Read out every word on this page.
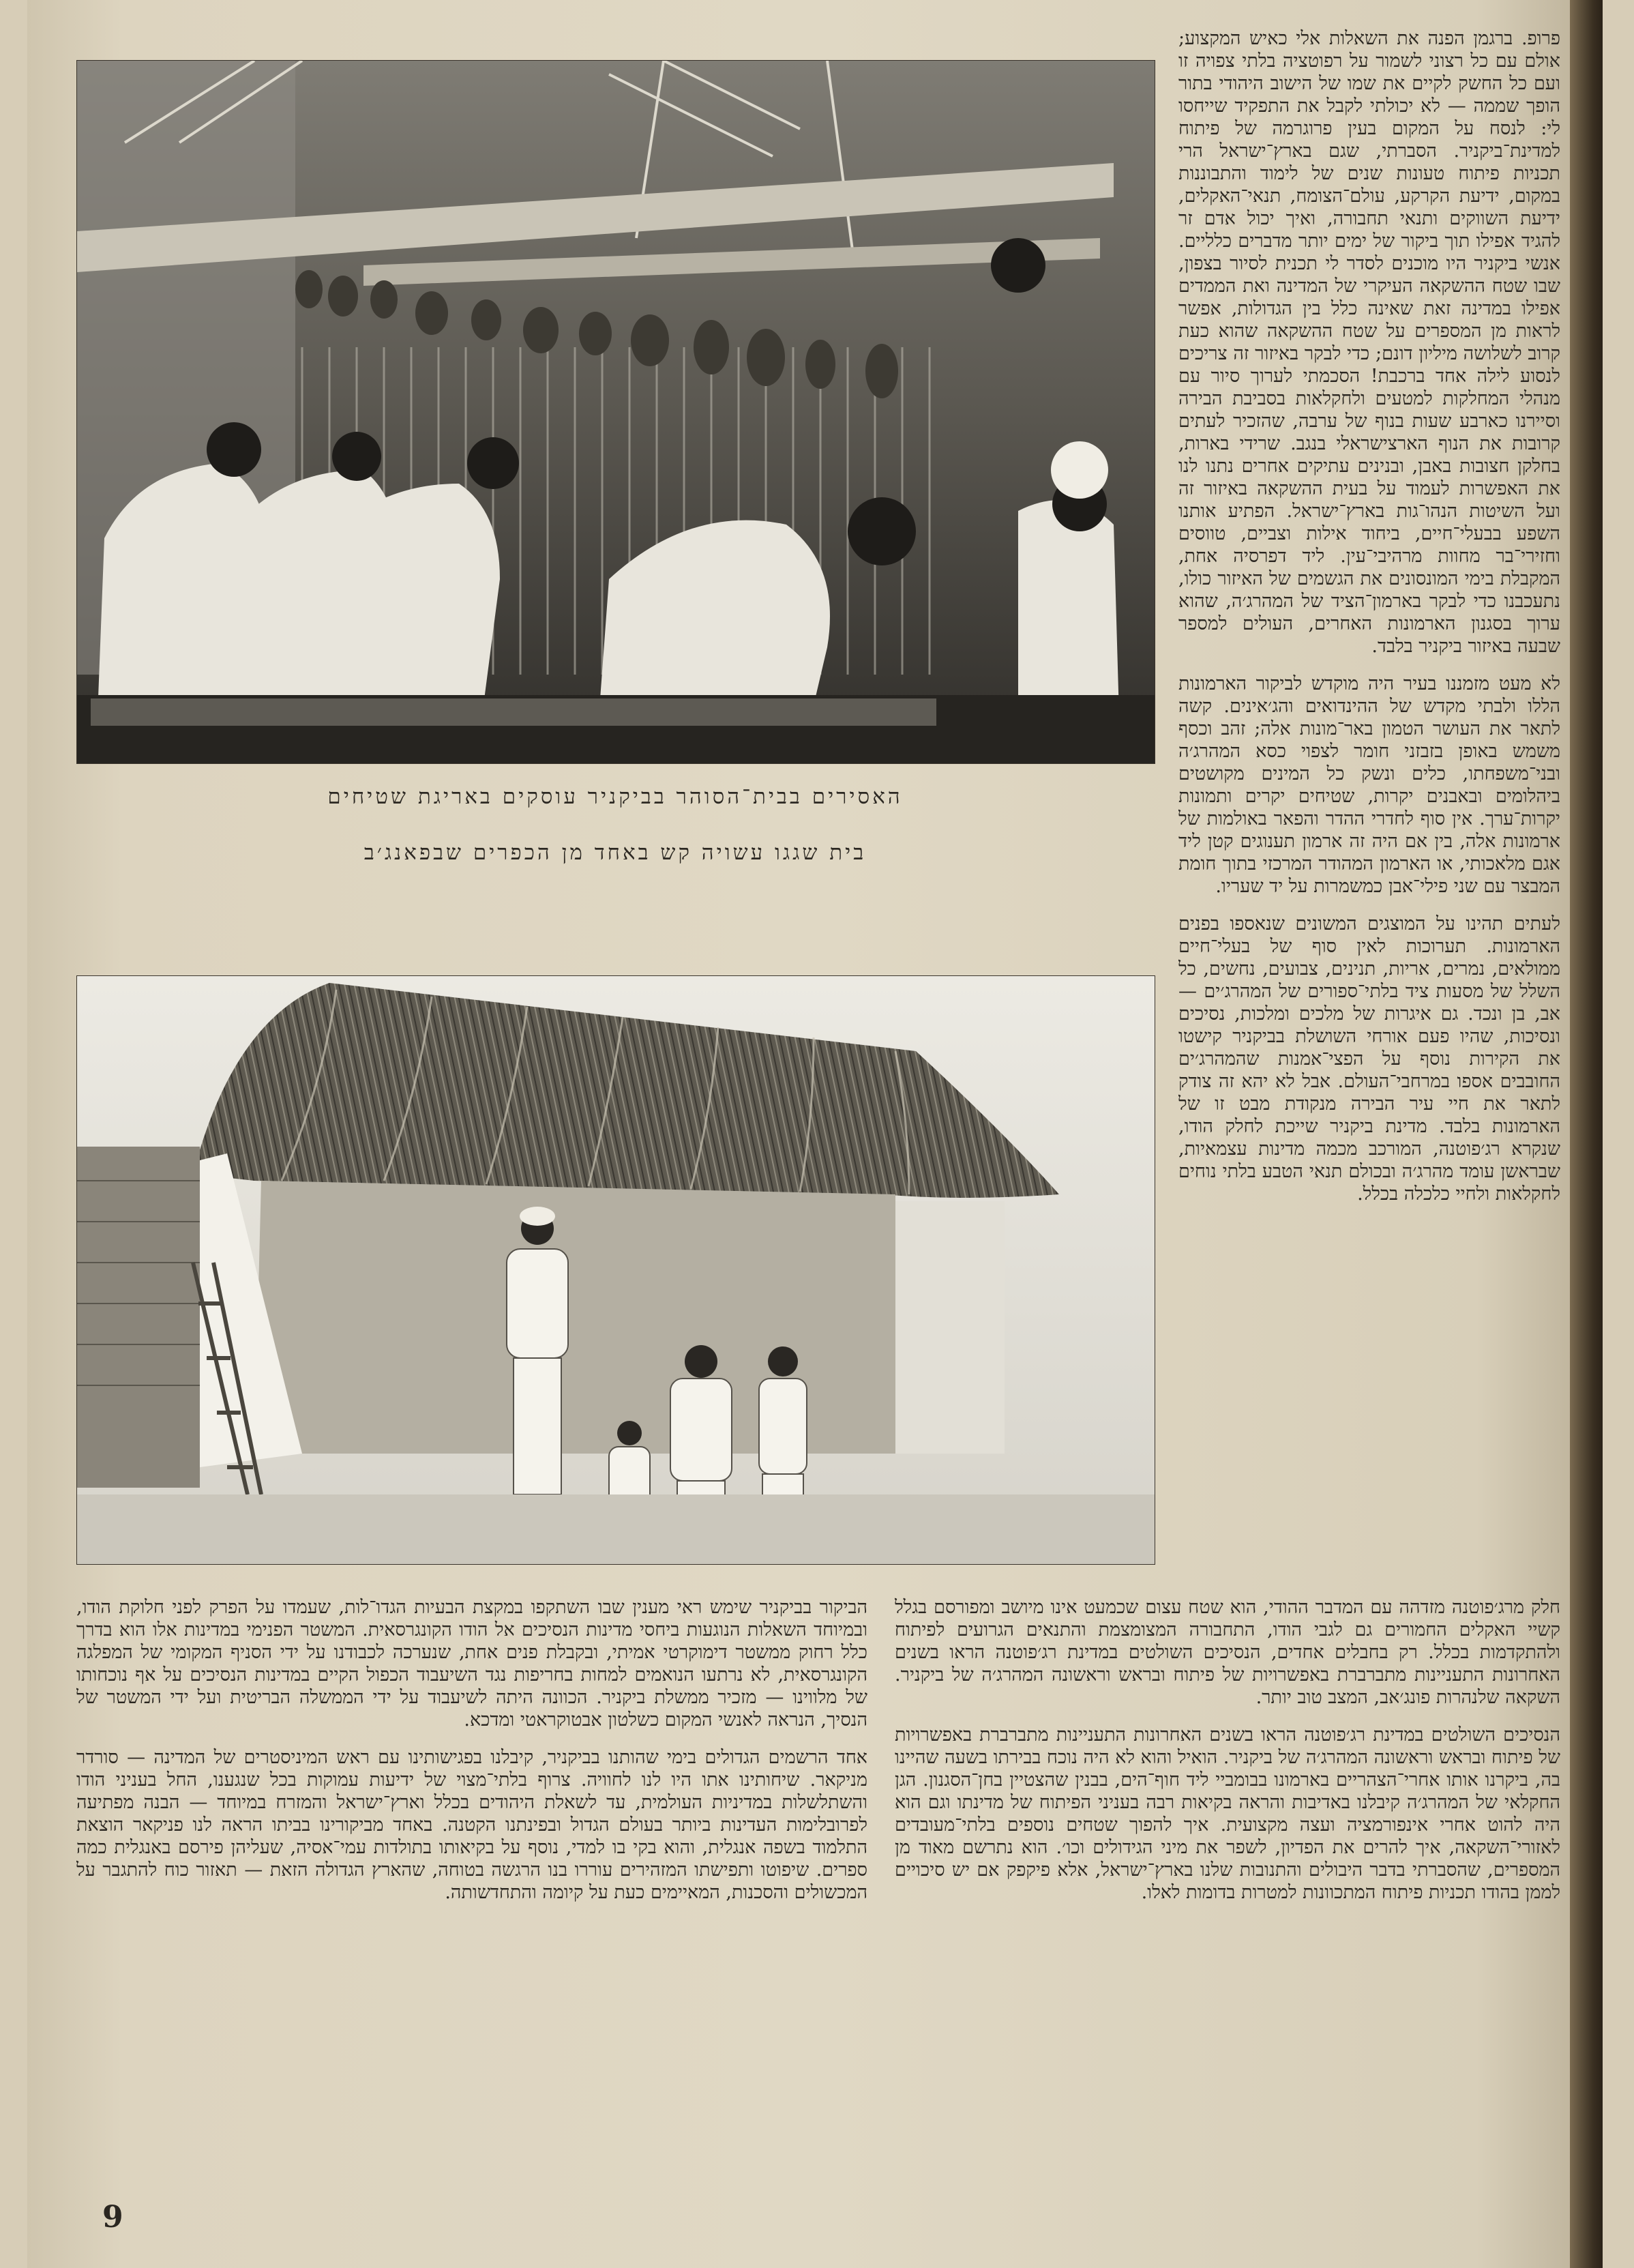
האסירים בבית־הסוהר בביקניר עוסקים באריגת שטיחים
בית שגגו עשויה קש באחד מן הכפרים שבפאנג׳ב

פרופ. ברגמן הפנה את השאלות אלי כאיש המקצוע; אולם עם כל רצוני לשמור על רפוטציה בלתי צפויה זו ועם כל החשק לקיים את שמו של הישוב היהודי בתור הופך שממה — לא יכולתי לקבל את התפקיד שייחסו לי: לנסח על המקום בעין פרוגרמה של פיתוח למדינת־ביקניר. הסברתי, שגם בארץ־ישראל הרי תכניות פיתוח טעונות שנים של לימוד והתבוננות במקום, ידיעת הקרקע, עולם־הצומח, תנאי־האקלים, ידיעת השווקים ותנאי תחבורה, ואיך יכול אדם זר להגיד אפילו תוך ביקור של ימים יותר מדברים כלליים. אנשי ביקניר היו מוכנים לסדר לי תכנית לסיור בצפון, שבו שטח ההשקאה העיקרי של המדינה ואת הממדים אפילו במדינה זאת שאינה כלל בין הגדולות, אפשר לראות מן המספרים על שטח ההשקאה שהוא כעת קרוב לשלושה מיליון דונם; כדי לבקר באיזור זה צריכים לנסוע לילה אחד ברכבת! הסכמתי לערוך סיור עם מנהלי המחלקות למטעים ולחקלאות בסביבת הבירה וסיירנו כארבע שעות בנוף של ערבה, שהזכיר לעתים קרובות את הנוף הארצישראלי בנגב. שרידי בארות, בחלקן חצובות באבן, ובנינים עתיקים אחרים נתנו לנו את האפשרות לעמוד על בעית ההשקאה באיזור זה ועל השיטות הנהו־גות בארץ־ישראל. הפתיע אותנו השפע בבעלי־חיים, ביחוד אילות וצביים, טווסים וחזירי־בר מחוות מרהיבי־עין. ליד דפרסיה אחת, המקבלת בימי המונסונים את הגשמים של האיזור כולו, נתעכבנו כדי לבקר בארמון־הציד של המהרג׳ה, שהוא ערוך בסגנון הארמונות האחרים, העולים למספר שבעה באיזור ביקניר בלבד.

לא מעט מזמננו בעיר היה מוקדש לביקור הארמונות הללו ולבתי מקדש של ההינדואים והג׳אינים. קשה לתאר את העושר הטמון באר־מונות אלה; זהב וכסף משמש באופן בזבזני חומר לצפוי כסא המהרג׳ה ובני־משפחתו, כלים ונשק כל המינים מקושטים ביהלומים ובאבנים יקרות, שטיחים יקרים ותמונות יקרות־ערך. אין סוף לחדרי ההדר והפאר באולמות של ארמונות אלה, בין אם היה זה ארמון תענוגים קטן ליד אגם מלאכותי, או הארמון המהודר המרכזי בתוך חומת המבצר עם שני פילי־אבן כמשמרות על יד שעריו.

לעתים תהינו על המוצגים המשונים שנאספו בפנים הארמונות. תערוכות לאין סוף של בעלי־חיים ממולאים, נמרים, אריות, תנינים, צבועים, נחשים, כל השלל של מסעות ציד בלתי־ספורים של המהרג׳ים — אב, בן ונכד. גם איגרות של מלכים ומלכות, נסיכים ונסיכות, שהיו פעם אורחי השושלת בביקניר קישטו את הקירות נוסף על הפצי־אמנות שהמהרג׳ים החובבים אספו במרחבי־העולם. אבל לא יהא זה צודק לתאר את חיי עיר הבירה מנקודת מבט זו של הארמונות בלבד. מדינת ביקניר שייכת לחלק הודו, שנקרא רג׳פוטנה, המורכב מכמה מדינות עצמאיות, שבראשן עומד מהרג׳ה ובכולם תנאי הטבע בלתי נוחים לחקלאות ולחיי כלכלה בכלל.

חלק מרג׳פוטנה מזדהה עם המדבר ההודי, הוא שטח עצום שכמעט אינו מיושב ומפורסם בגלל קשיי האקלים החמורים גם לגבי הודו, התחבורה המצומצמת והתנאים הגרועים לפיתוח ולהתקדמות בכלל. רק בחבלים אחדים, הנסיכים השולטים במדינת רג׳פוטנה הראו בשנים האחרונות התעניינות מתברברת באפשרויות של פיתוח ובראש וראשונה המהרג׳ה של ביקניר. השקאה שלנהרות פונג׳אב, המצב טוב יותר.

הנסיכים השולטים במדינת רג׳פוטנה הראו בשנים האחרונות התעניינות מתברברת באפשרויות של פיתוח ובראש וראשונה המהרג׳ה של ביקניר. הואיל והוא לא היה נוכח בבירתו בשעה שהיינו בה, ביקרנו אותו אחרי־הצהריים בארמונו בבומביי ליד חוף־הים, בבנין שהצטיין בחן־הסגנון. הגן החקלאי של המהרג׳ה קיבלנו באדיבות והראה בקיאות רבה בעניני הפיתוח של מדינתו וגם הוא היה להוט אחרי אינפורמציה ועצה מקצועית. איך להפוך שטחים נוספים בלתי־מעובדים לאזורי־השקאה, איך להרים את הפדיון, לשפר את מיני הגידולים וכו׳. הוא נתרשם מאוד מן המספרים, שהסברתי בדבר היבולים והתנובות שלנו בארץ־ישראל, אלא פיקפק אם יש סיכויים לממן בהודו תכניות פיתוח המתכוונות למטרות בדומות לאלו.

הביקור בביקניר שימש ראי מענין שבו השתקפו במקצת הבעיות הגדו־לות, שעמדו על הפרק לפני חלוקת הודו, ובמיוחד השאלות הנוגעות ביחסי מדינות הנסיכים אל הודו הקונגרסאית. המשטר הפנימי במדינות אלו הוא בדרך כלל רחוק ממשטר דימוקרטי אמיתי, ובקבלת פנים אחת, שנערכה לכבודנו על ידי הסניף המקומי של המפלגה הקונגרסאית, לא נרתעו הנואמים למחות בחריפות נגד השיעבוד הכפול הקיים במדינות הנסיכים על אף נוכחותו של מלווינו — מזכיר ממשלת ביקניר. הכוונה היתה לשיעבוד על ידי הממשלה הבריטית ועל ידי המשטר של הנסיך, הנראה לאנשי המקום כשלטון אבטוקראטי ומדכא.

אחד הרשמים הגדולים בימי שהותנו בביקניר, קיבלנו בפגישותינו עם ראש המיניסטרים של המדינה — סורדר מניקאר. שיחותינו אתו היו לנו לחוויה. צרוף בלתי־מצוי של ידיעות עמוקות בכל שנגענו, החל בעניני הודו והשתלשלות במדיניות העולמית, עד לשאלת היהודים בכלל וארץ־ישראל והמזרח במיוחד — הבנה מפתיעה לפרובלימות העדינות ביותר בעולם הגדול ובפינתנו הקטנה. באחד מביקורינו בביתו הראה לנו פניקאר הוצאת התלמוד בשפה אנגלית, והוא בקי בו למדי, נוסף על בקיאותו בתולדות עמי־אסיה, שעליהן פירסם באנגלית כמה ספרים. שיפוטו ותפישתו המזהירים עוררו בנו הרגשה בטוחה, שהארץ הגדולה הזאת — תאזור כוח להתגבר על המכשולים והסכנות, המאיימים כעת על קיומה והתחדשותה.

9
